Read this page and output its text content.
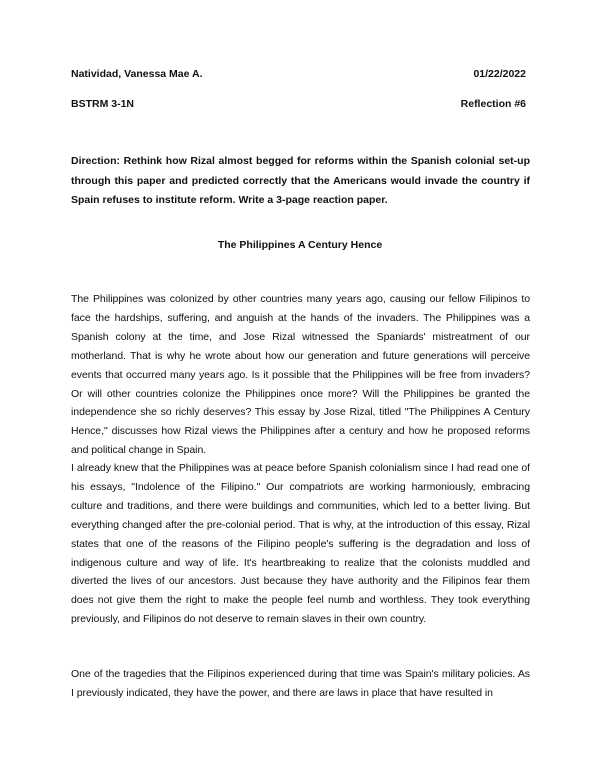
Natividad, Vanessa Mae A.	01/22/2022
BSTRM 3-1N	Reflection #6

Direction: Rethink how Rizal almost begged for reforms within the Spanish colonial set-up through this paper and predicted correctly that the Americans would invade the country if Spain refuses to institute reform. Write a 3-page reaction paper.

The Philippines A Century Hence

The Philippines was colonized by other countries many years ago, causing our fellow Filipinos to face the hardships, suffering, and anguish at the hands of the invaders. The Philippines was a Spanish colony at the time, and Jose Rizal witnessed the Spaniards' mistreatment of our motherland. That is why he wrote about how our generation and future generations will perceive events that occurred many years ago. Is it possible that the Philippines will be free from invaders? Or will other countries colonize the Philippines once more? Will the Philippines be granted the independence she so richly deserves? This essay by Jose Rizal, titled "The Philippines A Century Hence," discusses how Rizal views the Philippines after a century and how he proposed reforms and political change in Spain.

I already knew that the Philippines was at peace before Spanish colonialism since I had read one of his essays, "Indolence of the Filipino." Our compatriots are working harmoniously, embracing culture and traditions, and there were buildings and communities, which led to a better living. But everything changed after the pre-colonial period. That is why, at the introduction of this essay, Rizal states that one of the reasons of the Filipino people's suffering is the degradation and loss of indigenous culture and way of life. It's heartbreaking to realize that the colonists muddled and diverted the lives of our ancestors. Just because they have authority and the Filipinos fear them does not give them the right to make the people feel numb and worthless. They took everything previously, and Filipinos do not deserve to remain slaves in their own country.

One of the tragedies that the Filipinos experienced during that time was Spain's military policies. As I previously indicated, they have the power, and there are laws in place that have resulted in
